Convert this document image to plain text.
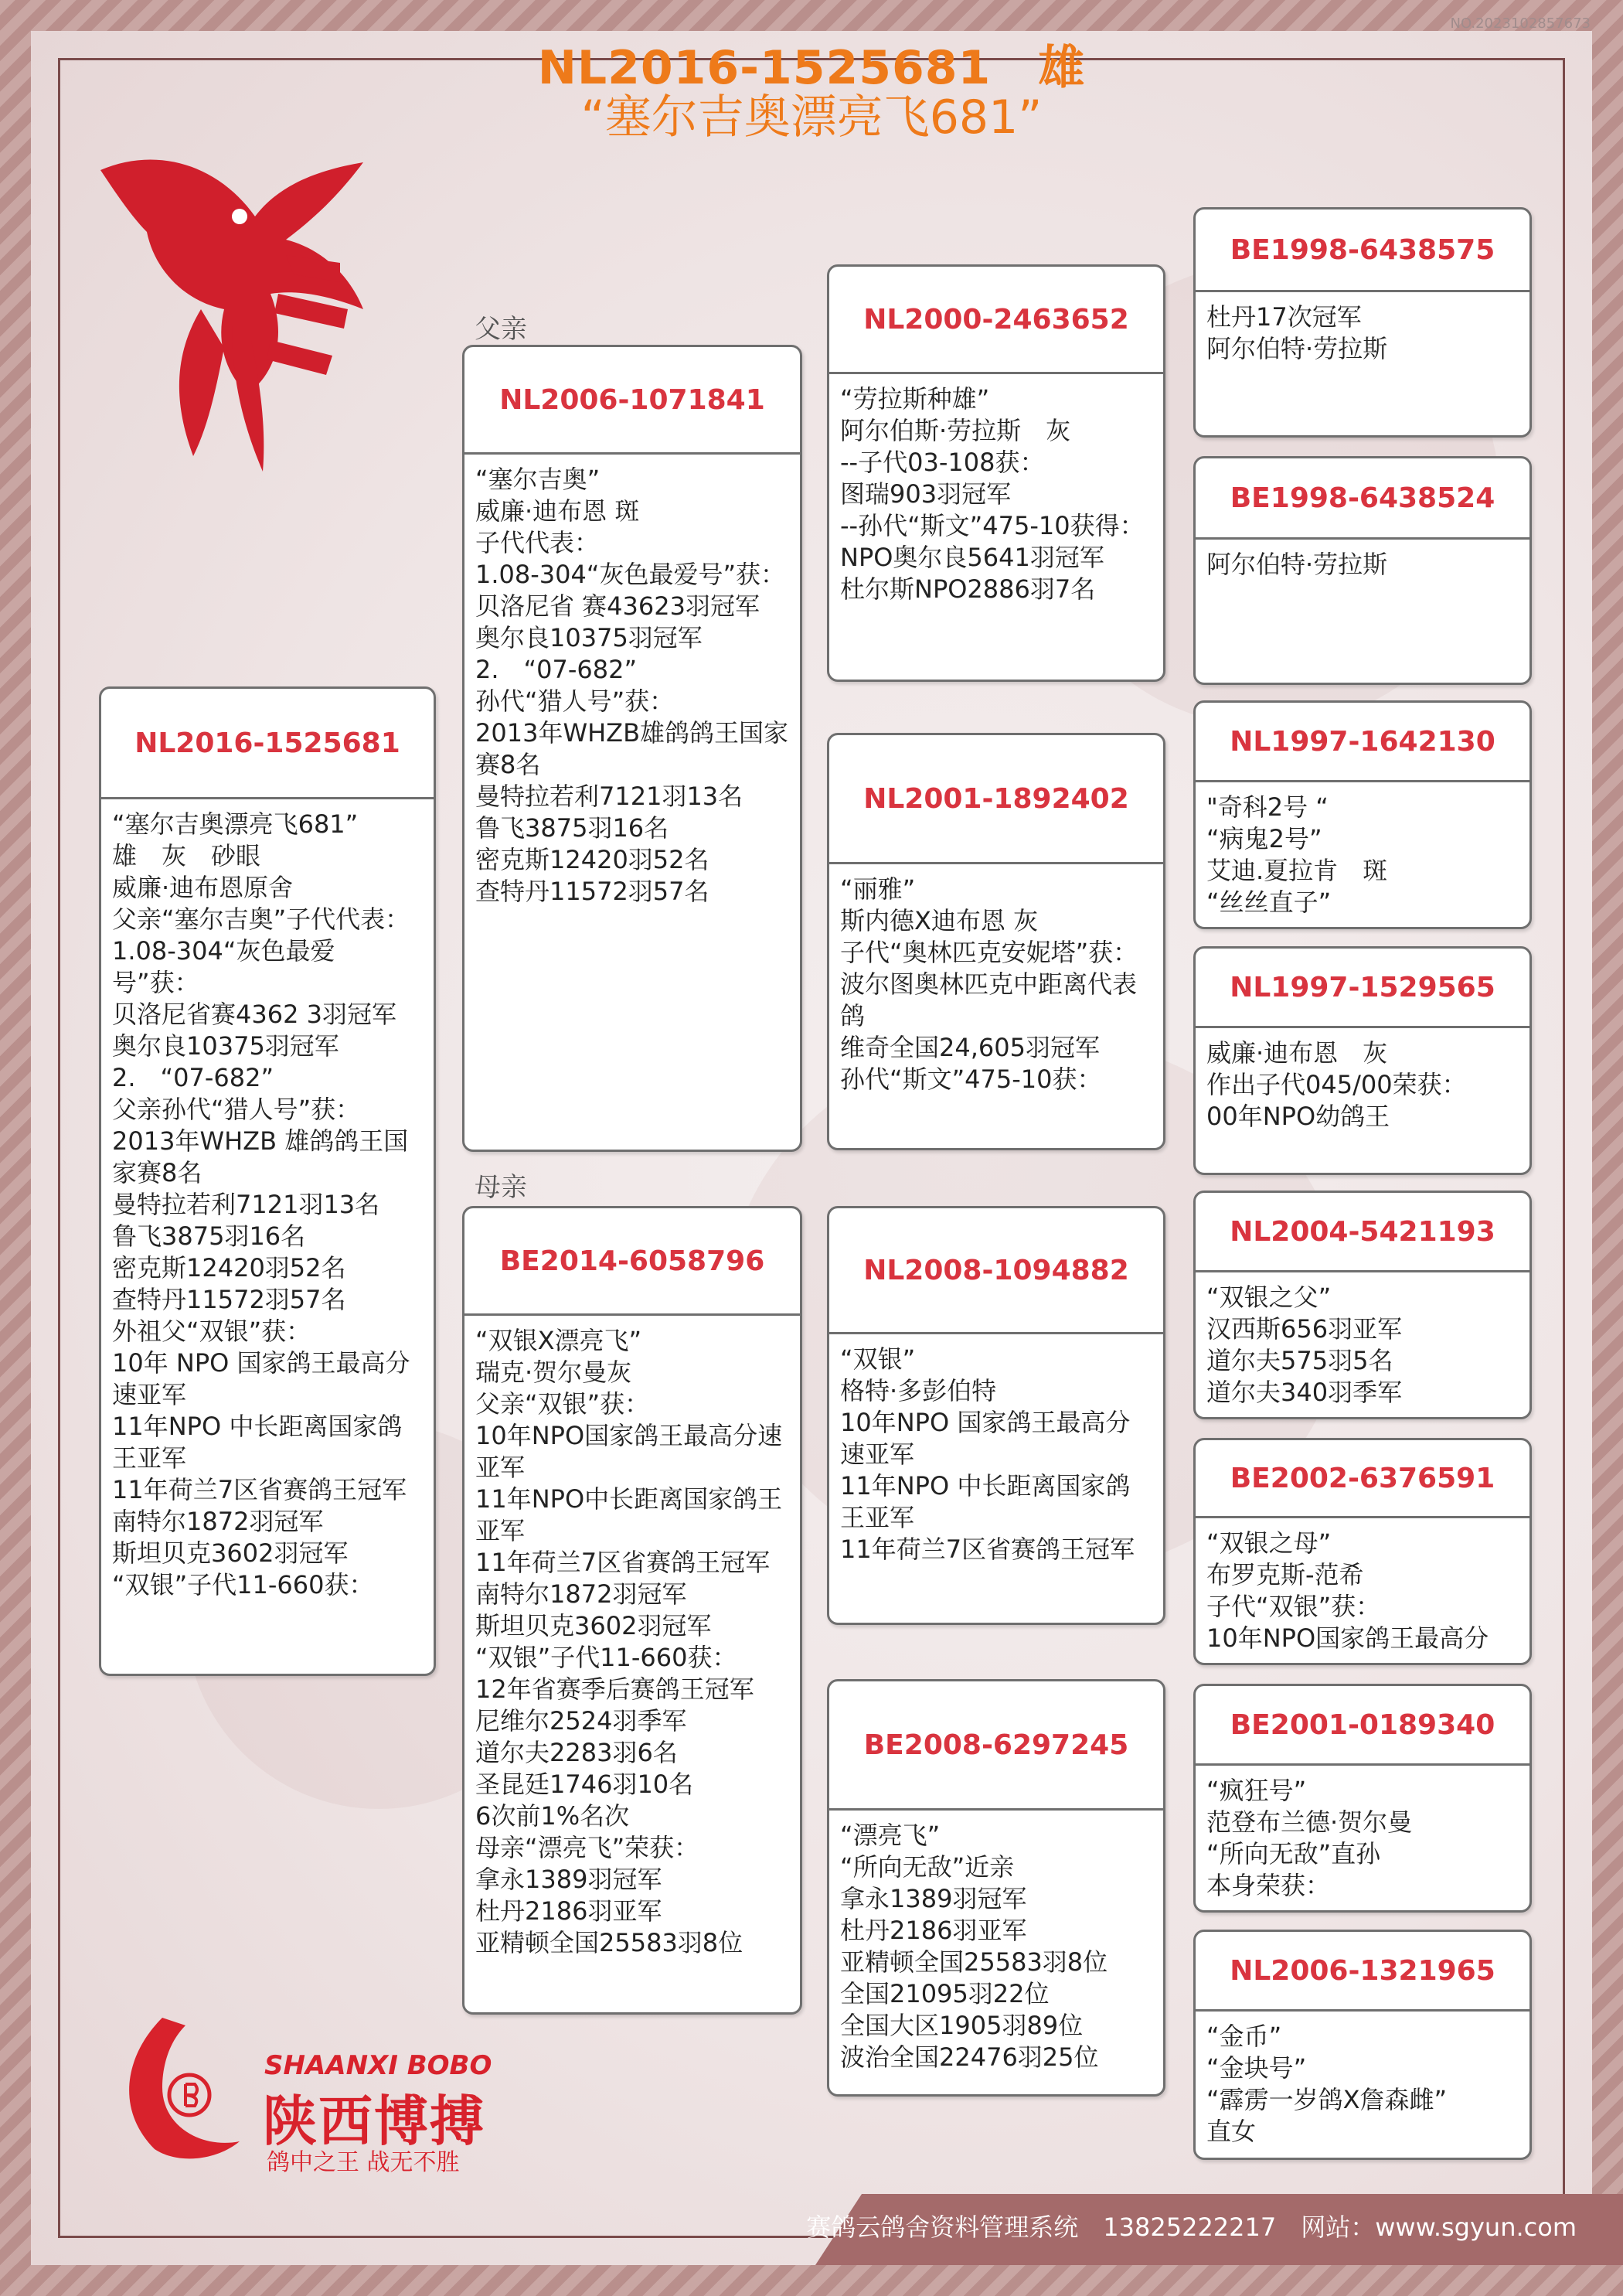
NO.2023102857673
NL2016-1525681　雄
“塞尔吉奥漂亮飞681”
父亲
母亲
NL2016-1525681
“塞尔吉奥漂亮飞681”
雄　灰　砂眼
威廉·迪布恩原舍
父亲“塞尔吉奥”子代代表：
1.08-304“灰色最爱 号”获：
贝洛尼省赛4362 3羽冠军
奥尔良10375羽冠军
2.　“07-682”
父亲孙代“猎人号”获：
2013年WHZB 雄鸽鸽王国家赛8名
曼特拉若利7121羽13名
鲁飞3875羽16名
密克斯12420羽52名
查特丹11572羽57名
外祖父“双银”获：
10年 NPO 国家鸽王最高分速亚军
11年NPO 中长距离国家鸽王亚军
11年荷兰7区省赛鸽王冠军
南特尔1872羽冠军
斯坦贝克3602羽冠军
“双银”子代11-660获：
NL2006-1071841
“塞尔吉奥”
威廉·迪布恩 斑
子代代表：
1.08-304“灰色最爱号”获：
贝洛尼省 赛43623羽冠军
奥尔良10375羽冠军
2.　“07-682”
孙代“猎人号”获：
2013年WHZB雄鸽鸽王国家赛8名
曼特拉若利7121羽13名
鲁飞3875羽16名
密克斯12420羽52名
查特丹11572羽57名
BE2014-6058796
“双银X漂亮飞”
瑞克·贺尔曼灰
父亲“双银”获：
10年NPO国家鸽王最高分速亚军
11年NPO中长距离国家鸽王亚军
11年荷兰7区省赛鸽王冠军
南特尔1872羽冠军
斯坦贝克3602羽冠军
“双银”子代11-660获：
12年省赛季后赛鸽王冠军
尼维尔2524羽季军
道尔夫2283羽6名
圣昆廷1746羽10名
6次前1%名次
母亲“漂亮飞”荣获：
拿永1389羽冠军
杜丹2186羽亚军
亚精顿全国25583羽8位
NL2000-2463652
“劳拉斯种雄”
阿尔伯斯·劳拉斯　灰
--子代03-108获：
图瑞903羽冠军
--孙代“斯文”475-10获得：
NPO奥尔良5641羽冠军
杜尔斯NPO2886羽7名
NL2001-1892402
“丽雅”
斯内德X迪布恩 灰
子代“奥林匹克安妮塔”获：
波尔图奥林匹克中距离代表鸽
维奇全国24,605羽冠军
孙代“斯文”475-10获：
NL2008-1094882
“双银”
格特·多彭伯特
10年NPO 国家鸽王最高分速亚军
11年NPO 中长距离国家鸽王亚军
11年荷兰7区省赛鸽王冠军
BE2008-6297245
“漂亮飞”
“所向无敌”近亲
拿永1389羽冠军
杜丹2186羽亚军
亚精顿全国25583羽8位
全国21095羽22位
全国大区1905羽89位
波治全国22476羽25位
BE1998-6438575
杜丹17次冠军
阿尔伯特·劳拉斯
BE1998-6438524
阿尔伯特·劳拉斯
NL1997-1642130
"奇科2号 “
“病鬼2号”
艾迪.夏拉肯　斑
“丝丝直子”
NL1997-1529565
威廉·迪布恩　灰
作出子代045/00荣获：
00年NPO幼鸽王
NL2004-5421193
“双银之父”
汉西斯656羽亚军
道尔夫575羽5名
道尔夫340羽季军
BE2002-6376591
“双银之母”
布罗克斯-范希
子代“双银”获：
10年NPO国家鸽王最高分
BE2001-0189340
“疯狂号”
范登布兰德·贺尔曼
“所向无敌”直孙
本身荣获：
NL2006-1321965
“金币”
“金块号”
“霹雳一岁鸽X詹森雌”
直女
SHAANXI BOBO
陕西博搏
鸽中之王 战无不胜
赛鸽云鸽舍资料管理系统　13825222217　网站：www.sgyun.com
